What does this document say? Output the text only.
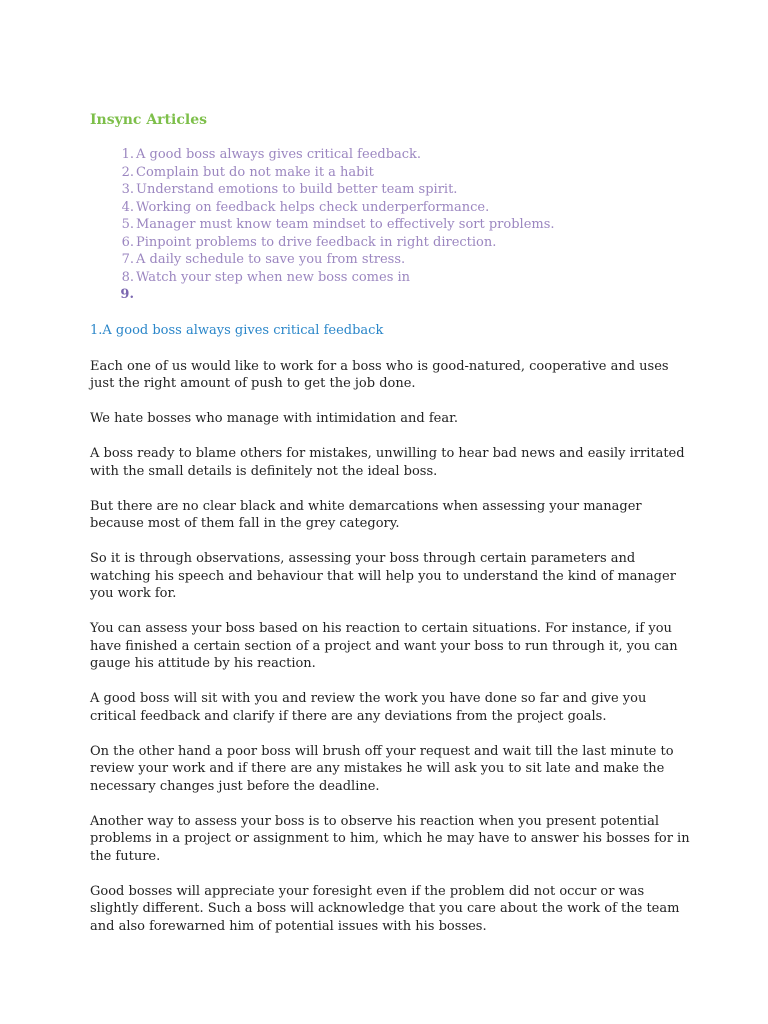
Insync Articles
1. A good boss always gives critical feedback.
2. Complain but do not make it a habit
3. Understand emotions to build better team spirit.
4. Working on feedback helps check underperformance.
5. Manager must know team mindset to effectively sort problems.
6. Pinpoint problems to drive feedback in right direction.
7. A daily schedule to save you from stress.
8. Watch your step when new boss comes in
9.
1.A good boss always gives critical feedback

Each one of us would like to work for a boss who is good-natured, cooperative and uses just the right amount of push to get the job done.

We hate bosses who manage with intimidation and fear.

A boss ready to blame others for mistakes, unwilling to hear bad news and easily irritated with the small details is definitely not the ideal boss.

But there are no clear black and white demarcations when assessing your manager because most of them fall in the grey category.

So it is through observations, assessing your boss through certain parameters and watching his speech and behaviour that will help you to understand the kind of manager you work for.

You can assess your boss based on his reaction to certain situations. For instance, if you have finished a certain section of a project and want your boss to run through it, you can gauge his attitude by his reaction.

A good boss will sit with you and review the work you have done so far and give you critical feedback and clarify if there are any deviations from the project goals.

On the other hand a poor boss will brush off your request and wait till the last minute to review your work and if there are any mistakes he will ask you to sit late and make the necessary changes just before the deadline.

Another way to assess your boss is to observe his reaction when you present potential problems in a project or assignment to him, which he may have to answer his bosses for in the future.

Good bosses will appreciate your foresight even if the problem did not occur or was slightly different. Such a boss will acknowledge that you care about the work of the team and also forewarned him of potential issues with his bosses.
